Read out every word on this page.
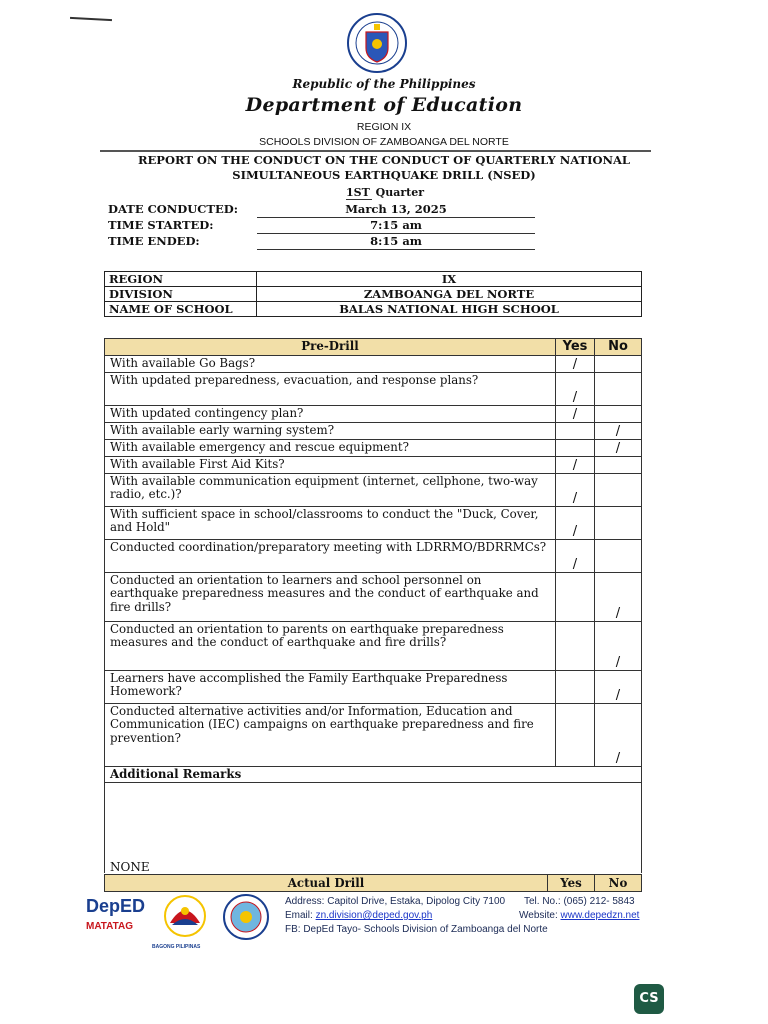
Republic of the Philippines
Department of Education
REGION IX
SCHOOLS DIVISION OF ZAMBOANGA DEL NORTE
REPORT ON THE CONDUCT ON THE CONDUCT OF QUARTERLY NATIONAL
SIMULTANEOUS EARTHQUAKE DRILL (NSED)
1ST Quarter
DATE CONDUCTED:	March 13, 2025
TIME STARTED:	7:15 am
TIME ENDED:	8:15 am
REGION	IX
DIVISION	ZAMBOANGA DEL NORTE
NAME OF SCHOOL	BALAS NATIONAL HIGH SCHOOL
Pre-Drill	Yes	No
With available Go Bags?	/	
With updated preparedness, evacuation, and response plans?	/	
With updated contingency plan?	/	
With available early warning system?		/
With available emergency and rescue equipment?		/
With available First Aid Kits?	/	
With available communication equipment (internet, cellphone, two-way radio, etc.)?	/	
With sufficient space in school/classrooms to conduct the "Duck, Cover, and Hold"	/	
Conducted coordination/preparatory meeting with LDRRMO/BDRRMCs?	/	
Conducted an orientation to learners and school personnel on earthquake preparedness measures and the conduct of earthquake and fire drills?		/
Conducted an orientation to parents on earthquake preparedness measures and the conduct of earthquake and fire drills?		/
Learners have accomplished the Family Earthquake Preparedness Homework?		/
Conducted alternative activities and/or Information, Education and Communication (IEC) campaigns on earthquake preparedness and fire prevention?		/
Additional Remarks		
NONE
Actual Drill	Yes	No
DepED
MATATAG
BAGONG PILIPINAS
Address: Capitol Drive, Estaka, Dipolog City 7100 Tel. No.: (065) 212- 5843
Email: zn.division@deped.gov.ph	Website: www.depedzn.net
FB: DepEd Tayo- Schools Division of Zamboanga del Norte
CS
